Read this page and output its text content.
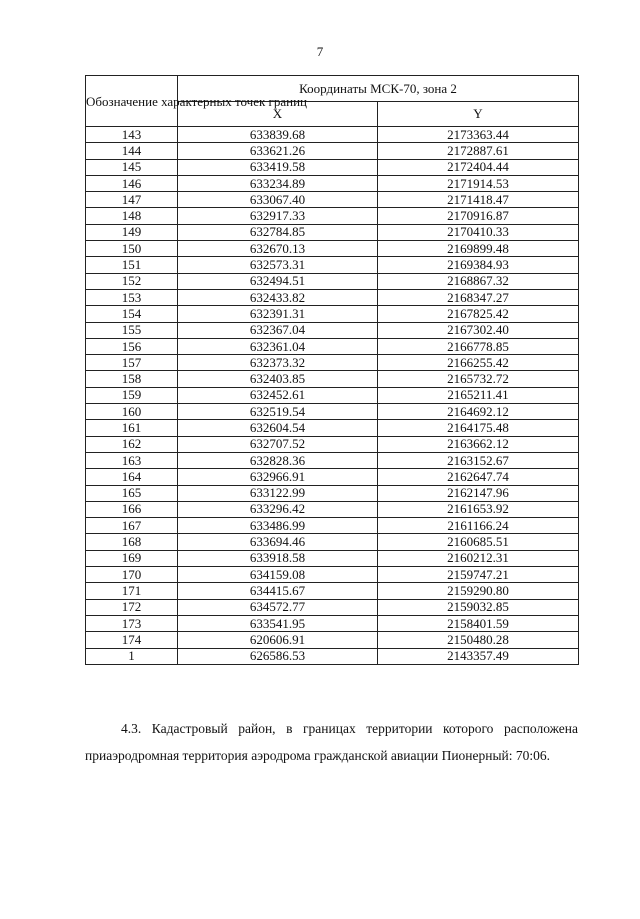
7
Обозначение характерных точек границ	Координаты МСК-70, зона 2	
	X	Y
143	633839.68	2173363.44
144	633621.26	2172887.61
145	633419.58	2172404.44
146	633234.89	2171914.53
147	633067.40	2171418.47
148	632917.33	2170916.87
149	632784.85	2170410.33
150	632670.13	2169899.48
151	632573.31	2169384.93
152	632494.51	2168867.32
153	632433.82	2168347.27
154	632391.31	2167825.42
155	632367.04	2167302.40
156	632361.04	2166778.85
157	632373.32	2166255.42
158	632403.85	2165732.72
159	632452.61	2165211.41
160	632519.54	2164692.12
161	632604.54	2164175.48
162	632707.52	2163662.12
163	632828.36	2163152.67
164	632966.91	2162647.74
165	633122.99	2162147.96
166	633296.42	2161653.92
167	633486.99	2161166.24
168	633694.46	2160685.51
169	633918.58	2160212.31
170	634159.08	2159747.21
171	634415.67	2159290.80
172	634572.77	2159032.85
173	633541.95	2158401.59
174	620606.91	2150480.28
1	626586.53	2143357.49
4.3. Кадастровый район, в границах территории которого расположена приаэродромная территория аэродрома гражданской авиации Пионерный: 70:06.
